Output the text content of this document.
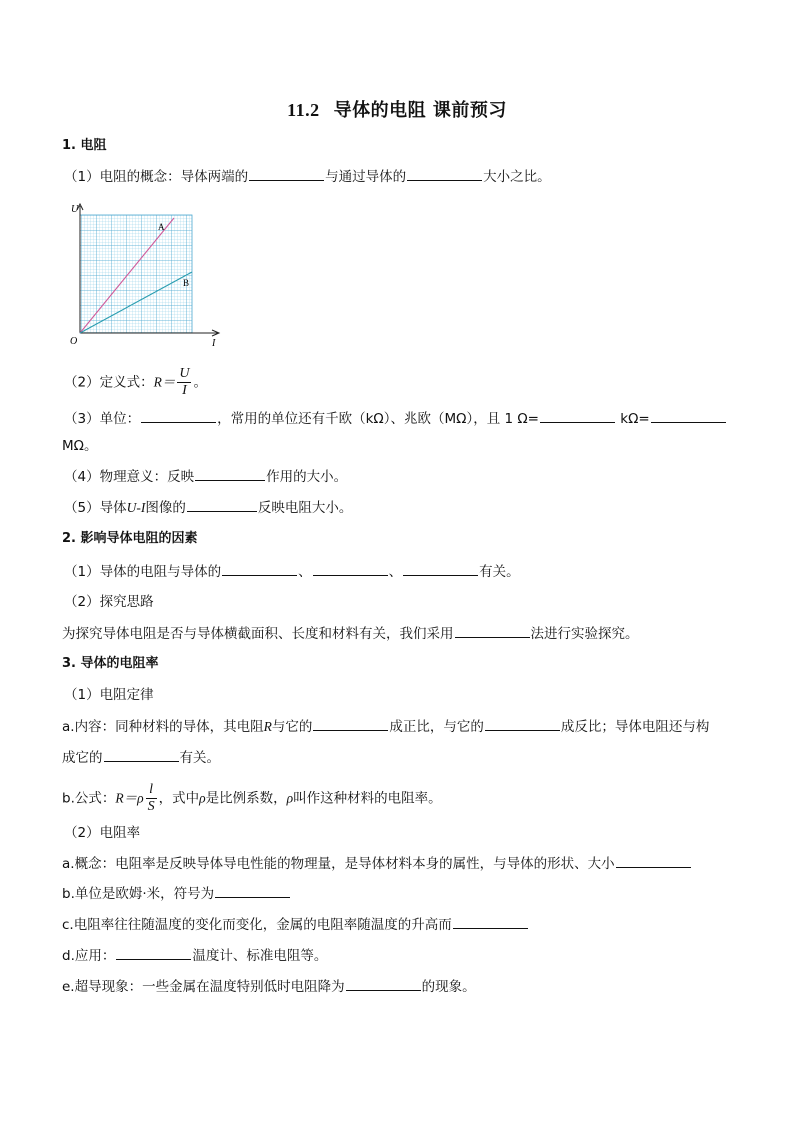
11.2 导体的电阻 课前预习
1. 电阻
（1）电阻的概念：导体两端的	与通过导体的	大小之比。
U
I
O
A
B
（2）定义式：$R= \frac{U}{I}$ 。
（3）单位：	，常用的单位还有千欧（kΩ）、兆欧（MΩ），且 1 Ω=	kΩ=
MΩ。
（4）物理意义：反映	作用的大小。
（5）导体U-I图像的	反映电阻大小。
2. 影响导体电阻的因素
（1）导体的电阻与导体的	、	、	有关。
（2）探究思路
为探究导体电阻是否与导体横截面积、长度和材料有关，我们采用	法进行实验探究。
3. 导体的电阻率
（1）电阻定律
a.内容：同种材料的导体，其电阻R与它的	成正比，与它的	成反比；导体电阻还与构
成它的	有关。
b.公式：$R=\rho \frac{l}{S}$ ，式中ρ是比例系数，ρ叫作这种材料的电阻率。
（2）电阻率
a.概念：电阻率是反映导体导电性能的物理量，是导体材料本身的属性，与导体的形状、大小
b.单位是欧姆·米，符号为
c.电阻率往往随温度的变化而变化，金属的电阻率随温度的升高而
d.应用：	温度计、标准电阻等。
e.超导现象：一些金属在温度特别低时电阻降为	的现象。
